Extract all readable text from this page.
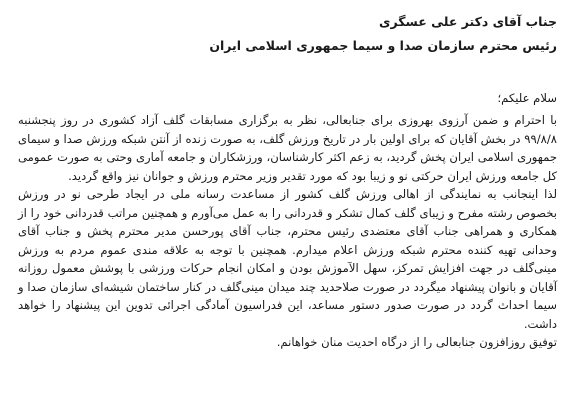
جناب آقای دکتر علی عسگری

رئیس محترم سازمان صدا و سیما جمهوری اسلامی ایران

سلام علیکم؛

با احترام و ضمن آرزوی بهروزی برای جنابعالی، نظر به برگزاری مسابقات گلف آزاد کشوری در روز پنجشنبه ۹۹/۸/۸ در بخش آقایان که برای اولین بار در تاریخ ورزش گلف، به صورت زنده از آنتن شبکه ورزش صدا و سیمای جمهوری اسلامی ایران پخش گردید، به زعم اکثر کارشناسان، ورزشکاران و جامعه آماری وحتی به صورت عمومی کل جامعه ورزش ایران حرکتی نو و زیبا بود که مورد تقدیر وزیر محترم ورزش و جوانان نیز واقع گردید.

لذا اینجانب به نمایندگی از اهالی ورزش گلف کشور از مساعدت رسانه ملی در ایجاد طرحی نو در ورزش بخصوص رشته مفرح و زیبای گلف کمال تشکر و قدردانی را به عمل می‌آورم و همچنین مراتب قدردانی خود را از همکاری و همراهی جناب آقای معتضدی رئیس محترم، جناب آقای پورحسن مدیر محترم پخش و جناب آقای وحدانی تهیه کننده محترم شبکه ورزش اعلام میدارم. همچنین با توجه به علاقه مندی عموم مردم به ورزش مینی‌گلف در جهت افزایش تمرکز، سهل الآموزش بودن و امکان انجام حرکات ورزشی با پوشش معمول روزانه آقایان و بانوان پیشنهاد میگردد در صورت صلاحدید چند میدان مینی‌گلف در کنار ساختمان شیشه‌ای سازمان صدا و سیما احداث گردد در صورت صدور دستور مساعد، این فدراسیون آمادگی اجرائی تدوین این پیشنهاد را خواهد داشت.

توفیق روزافزون جنابعالی را از درگاه احدیت منان خواهانم.
